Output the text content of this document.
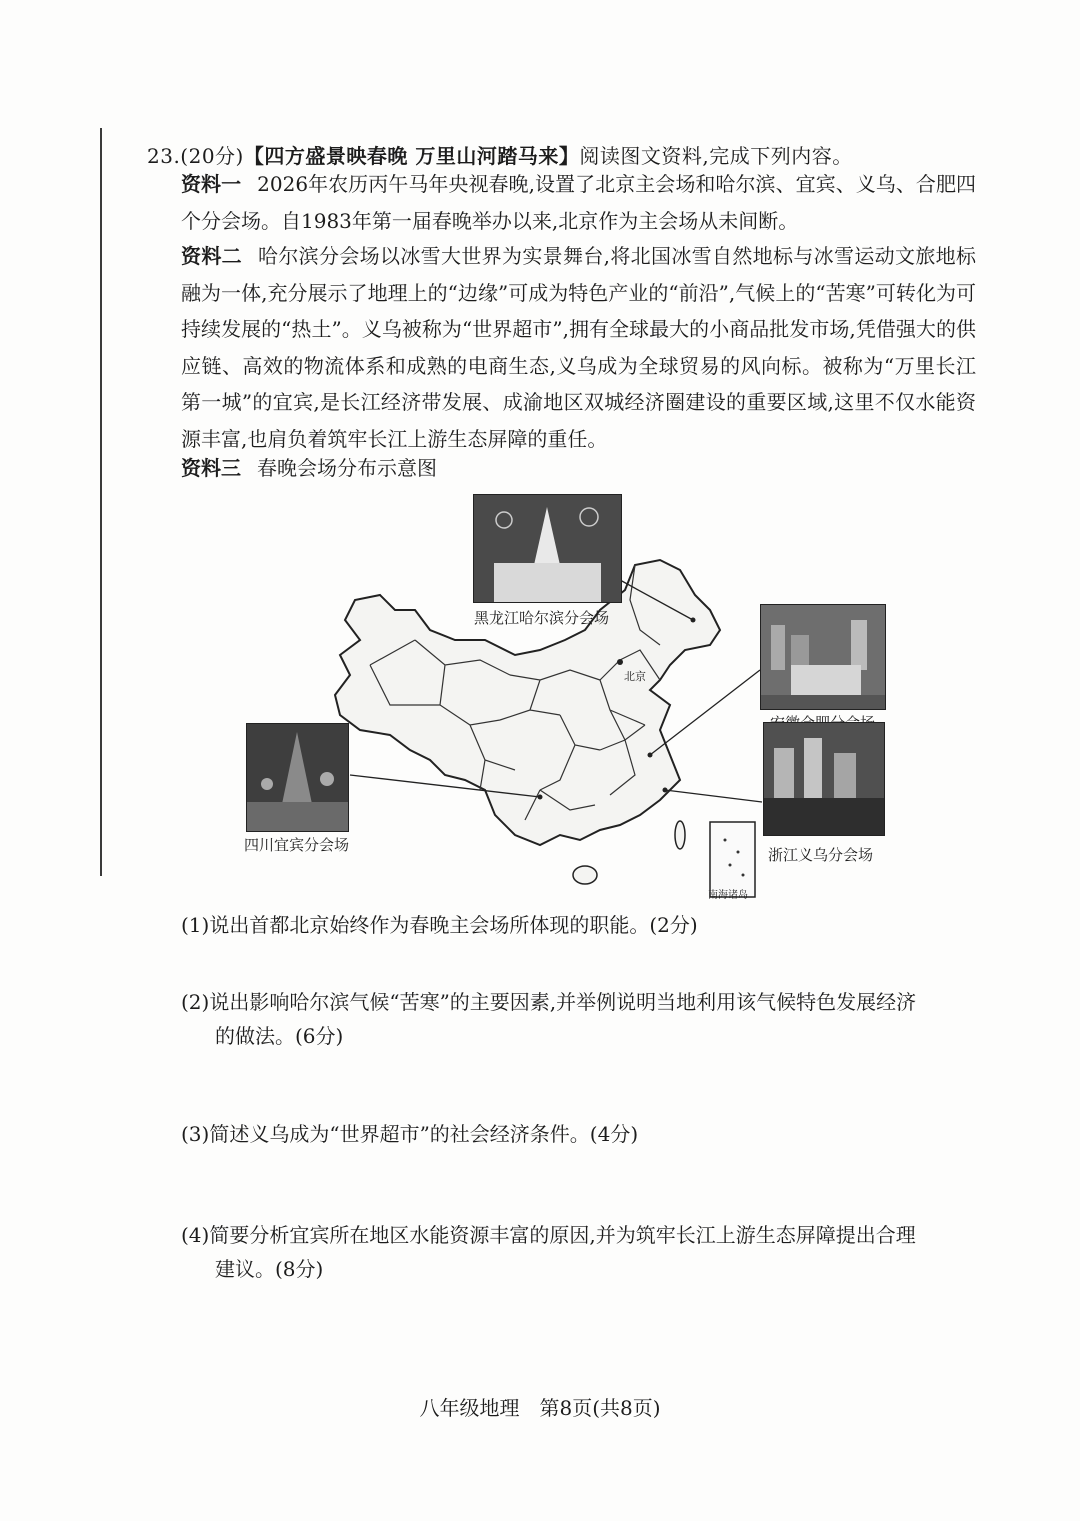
23.(20分)【四方盛景映春晚 万里山河踏马来】阅读图文资料,完成下列内容。
资料一 2026年农历丙午马年央视春晚,设置了北京主会场和哈尔滨、宜宾、义乌、合肥四个分会场。自1983年第一届春晚举办以来,北京作为主会场从未间断。
资料二 哈尔滨分会场以冰雪大世界为实景舞台,将北国冰雪自然地标与冰雪运动文旅地标融为一体,充分展示了地理上的“边缘”可成为特色产业的“前沿”,气候上的“苦寒”可转化为可持续发展的“热土”。义乌被称为“世界超市”,拥有全球最大的小商品批发市场,凭借强大的供应链、高效的物流体系和成熟的电商生态,义乌成为全球贸易的风向标。被称为“万里长江第一城”的宜宾,是长江经济带发展、成渝地区双城经济圈建设的重要区域,这里不仅水能资源丰富,也肩负着筑牢长江上游生态屏障的重任。
资料三 春晚会场分布示意图
黑龙江哈尔滨分会场
四川宜宾分会场
浙江义乌分会场
北京
南海诸岛
(1)说出首都北京始终作为春晚主会场所体现的职能。(2分)
(2)说出影响哈尔滨气候“苦寒”的主要因素,并举例说明当地利用该气候特色发展经济
的做法。(6分)
(3)简述义乌成为“世界超市”的社会经济条件。(4分)
(4)简要分析宜宾所在地区水能资源丰富的原因,并为筑牢长江上游生态屏障提出合理
建议。(8分)
八年级地理　第8页(共8页)
